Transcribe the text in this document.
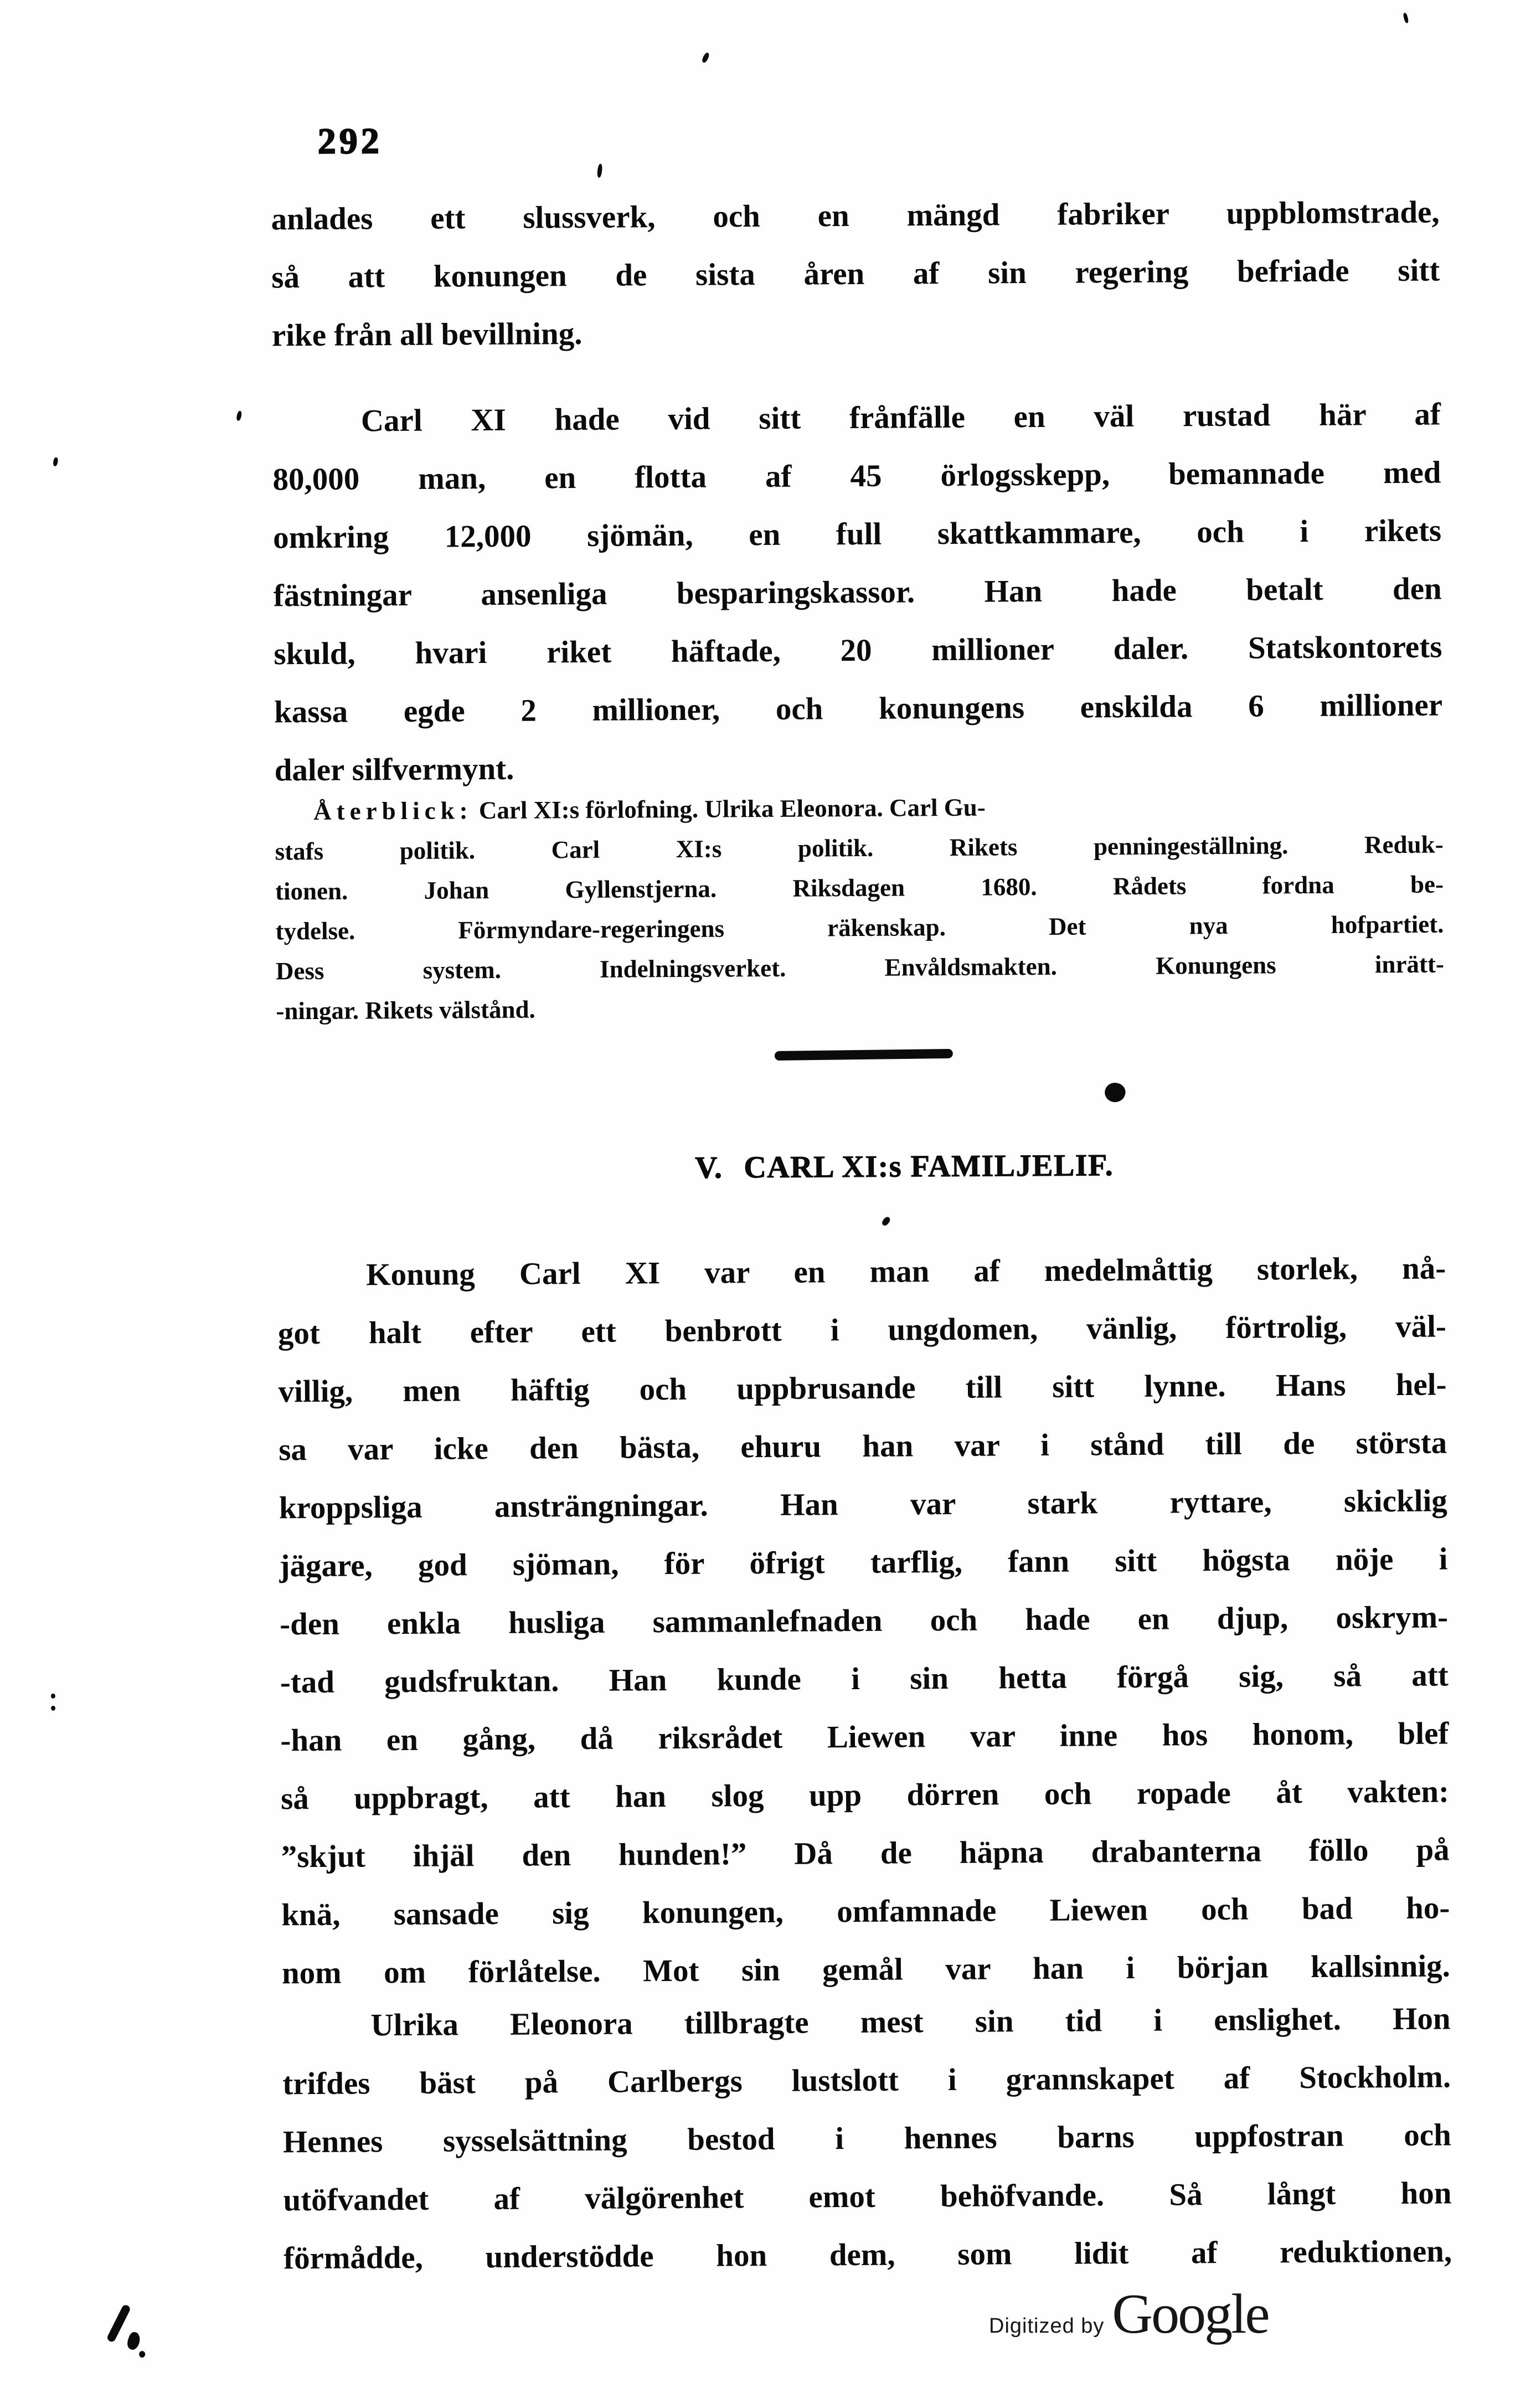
292
anlades ett slussverk, och en mängd fabriker uppblomstrade,
så att konungen de sista åren af sin regering befriade sitt
rike från all bevillning.
Carl XI hade vid sitt frånfälle en väl rustad här af
80,000 man, en flotta af 45 örlogsskepp, bemannade med
omkring 12,000 sjömän, en full skattkammare, och i rikets
fästningar ansenliga besparingskassor. Han hade betalt den
skuld, hvari riket häftade, 20 millioner daler. Statskontorets
kassa egde 2 millioner, och konungens enskilda 6 millioner
daler silfvermynt.
Återblick: Carl XI:s förlofning. Ulrika Eleonora. Carl Gu-
stafs politik. Carl XI:s politik. Rikets penningeställning. Reduk-
tionen. Johan Gyllenstjerna. Riksdagen 1680. Rådets fordna be-
tydelse. Förmyndare-regeringens räkenskap. Det nya hofpartiet.
Dess system. Indelningsverket. Envåldsmakten. Konungens inrätt-
-ningar. Rikets välstånd.
V. CARL XI:s FAMILJELIF.
Konung Carl XI var en man af medelmåttig storlek, nå-
got halt efter ett benbrott i ungdomen, vänlig, förtrolig, väl-
villig, men häftig och uppbrusande till sitt lynne. Hans hel-
sa var icke den bästa, ehuru han var i stånd till de största
kroppsliga ansträngningar. Han var stark ryttare, skicklig
jägare, god sjöman, för öfrigt tarflig, fann sitt högsta nöje i
-den enkla husliga sammanlefnaden och hade en djup, oskrym-
-tad gudsfruktan. Han kunde i sin hetta förgå sig, så att
-han en gång, då riksrådet Liewen var inne hos honom, blef
så uppbragt, att han slog upp dörren och ropade åt vakten:
”skjut ihjäl den hunden!” Då de häpna drabanterna föllo på
knä, sansade sig konungen, omfamnade Liewen och bad ho-
nom om förlåtelse. Mot sin gemål var han i början kallsinnig.
Ulrika Eleonora tillbragte mest sin tid i enslighet. Hon
trifdes bäst på Carlbergs lustslott i grannskapet af Stockholm.
Hennes sysselsättning bestod i hennes barns uppfostran och
utöfvandet af välgörenhet emot behöfvande. Så långt hon
förmådde, understödde hon dem, som lidit af reduktionen,
Digitized by Google
